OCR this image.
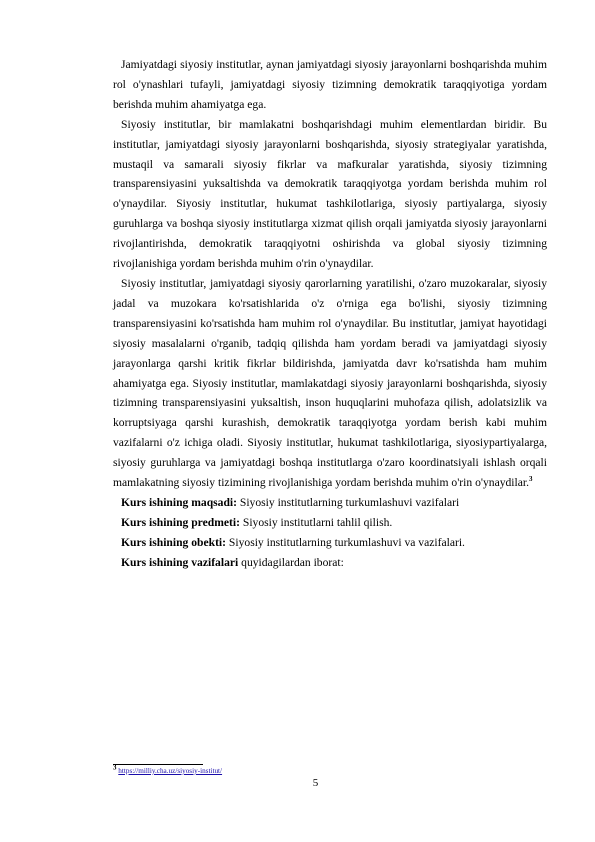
Jamiyatdagi siyosiy institutlar, aynan jamiyatdagi siyosiy jarayonlarni boshqarishda muhim rol o'ynashlari tufayli, jamiyatdagi siyosiy tizimning demokratik taraqqiyotiga yordam berishda muhim ahamiyatga ega.

Siyosiy institutlar, bir mamlakatni boshqarishdagi muhim elementlardan biridir. Bu institutlar, jamiyatdagi siyosiy jarayonlarni boshqarishda, siyosiy strategiyalar yaratishda, mustaqil va samarali siyosiy fikrlar va mafkuralar yaratishda, siyosiy tizimning transparensiyasini yuksaltishda va demokratik taraqqiyotga yordam berishda muhim rol o'ynaydilar. Siyosiy institutlar, hukumat tashkilotlariga, siyosiy partiyalarga, siyosiy guruhlarga va boshqa siyosiy institutlarga xizmat qilish orqali jamiyatda siyosiy jarayonlarni rivojlantirishda, demokratik taraqqiyotni oshirishda va global siyosiy tizimning rivojlanishiga yordam berishda muhim o'rin o'ynaydilar.

Siyosiy institutlar, jamiyatdagi siyosiy qarorlarning yaratilishi, o'zaro muzokaralar, siyosiy jadal va muzokara ko'rsatishlarida o'z o'rniga ega bo'lishi, siyosiy tizimning transparensiyasini ko'rsatishda ham muhim rol o'ynaydilar. Bu institutlar, jamiyat hayotidagi siyosiy masalalarni o'rganib, tadqiq qilishda ham yordam beradi va jamiyatdagi siyosiy jarayonlarga qarshi kritik fikrlar bildirishda, jamiyatda davr ko'rsatishda ham muhim ahamiyatga ega. Siyosiy institutlar, mamlakatdagi siyosiy jarayonlarni boshqarishda, siyosiy tizimning transparensiyasini yuksaltish, inson huquqlarini muhofaza qilish, adolatsizlik va korruptsiyaga qarshi kurashish, demokratik taraqqiyotga yordam berish kabi muhim vazifalarni o'z ichiga oladi. Siyosiy institutlar, hukumat tashkilotlariga, siyosiypartiyalarga, siyosiy guruhlarga va jamiyatdagi boshqa institutlarga o'zaro koordinatsiyali ishlash orqali mamlakatning siyosiy tizimining rivojlanishiga yordam berishda muhim o'rin o'ynaydilar.$^3$

Kurs ishining maqsadi: Siyosiy institutlarning turkumlashuvi vazifalari

Kurs ishining predmeti: Siyosiy institutlarni tahlil qilish.

Kurs ishining obekti: Siyosiy institutlarning turkumlashuvi va vazifalari.

Kurs ishining vazifalari quyidagilardan iborat:

$^3$ https://milliy.cha.uz/siyosiy-institut/
5
